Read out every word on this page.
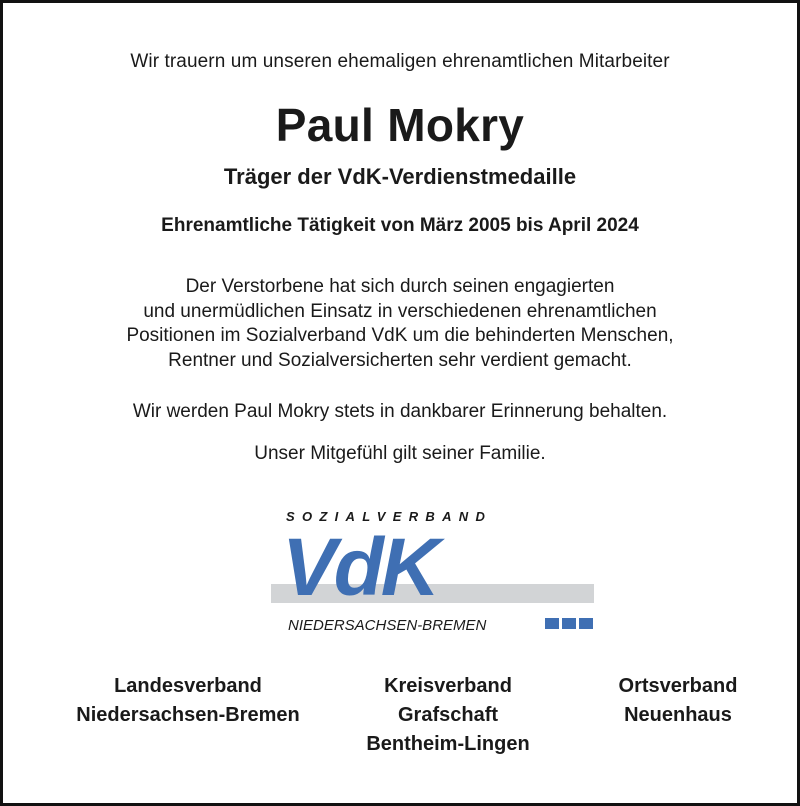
Wir trauern um unseren ehemaligen ehrenamtlichen Mitarbeiter
Paul Mokry
Träger der VdK-Verdienstmedaille
Ehrenamtliche Tätigkeit von März 2005 bis April 2024
Der Verstorbene hat sich durch seinen engagierten
und unermüdlichen Einsatz in verschiedenen ehrenamtlichen
Positionen im Sozialverband VdK um die behinderten Menschen,
Rentner und Sozialversicherten sehr verdient gemacht.
Wir werden Paul Mokry stets in dankbarer Erinnerung behalten.
Unser Mitgefühl gilt seiner Familie.
SOZIALVERBAND
VdK
NIEDERSACHSEN-BREMEN
Landesverband
Niedersachsen-Bremen
Kreisverband
Grafschaft
Bentheim-Lingen
Ortsverband
Neuenhaus
